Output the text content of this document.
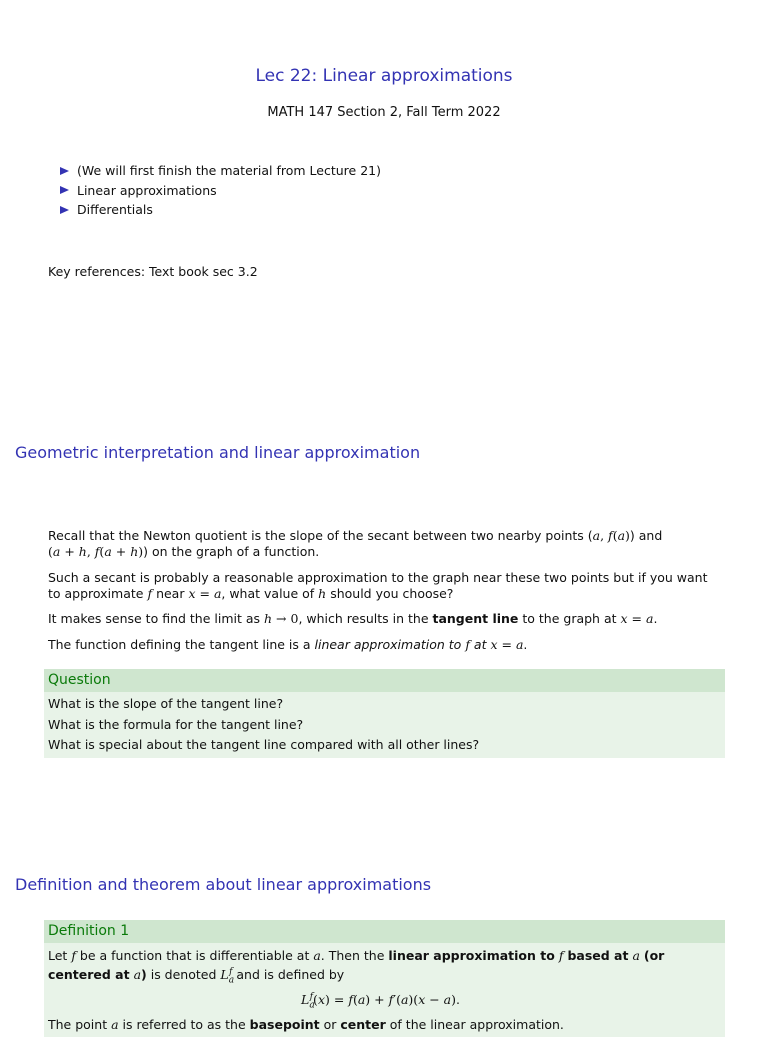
Lec 22: Linear approximations
MATH 147 Section 2, Fall Term 2022
(We will first finish the material from Lecture 21)
Linear approximations
Differentials
Key references: Text book sec 3.2
Geometric interpretation and linear approximation
Recall that the Newton quotient is the slope of the secant between two nearby points (a, f(a)) and
(a + h, f(a + h)) on the graph of a function.
Such a secant is probably a reasonable approximation to the graph near these two points but if you want to approximate f near x = a, what value of h should you choose?
It makes sense to find the limit as h → 0, which results in the tangent line to the graph at x = a.
The function defining the tangent line is a linear approximation to f at x = a.
Question
What is the slope of the tangent line?
What is the formula for the tangent line?
What is special about the tangent line compared with all other lines?
Definition and theorem about linear approximations
Definition 1
Let f be a function that is differentiable at a. Then the linear approximation to f based at a (or centered at a) is denoted $L_a^f$ and is defined by
$L_a^f(x) = f(a) + f'(a)(x - a)$.
The point a is referred to as the basepoint or center of the linear approximation.
